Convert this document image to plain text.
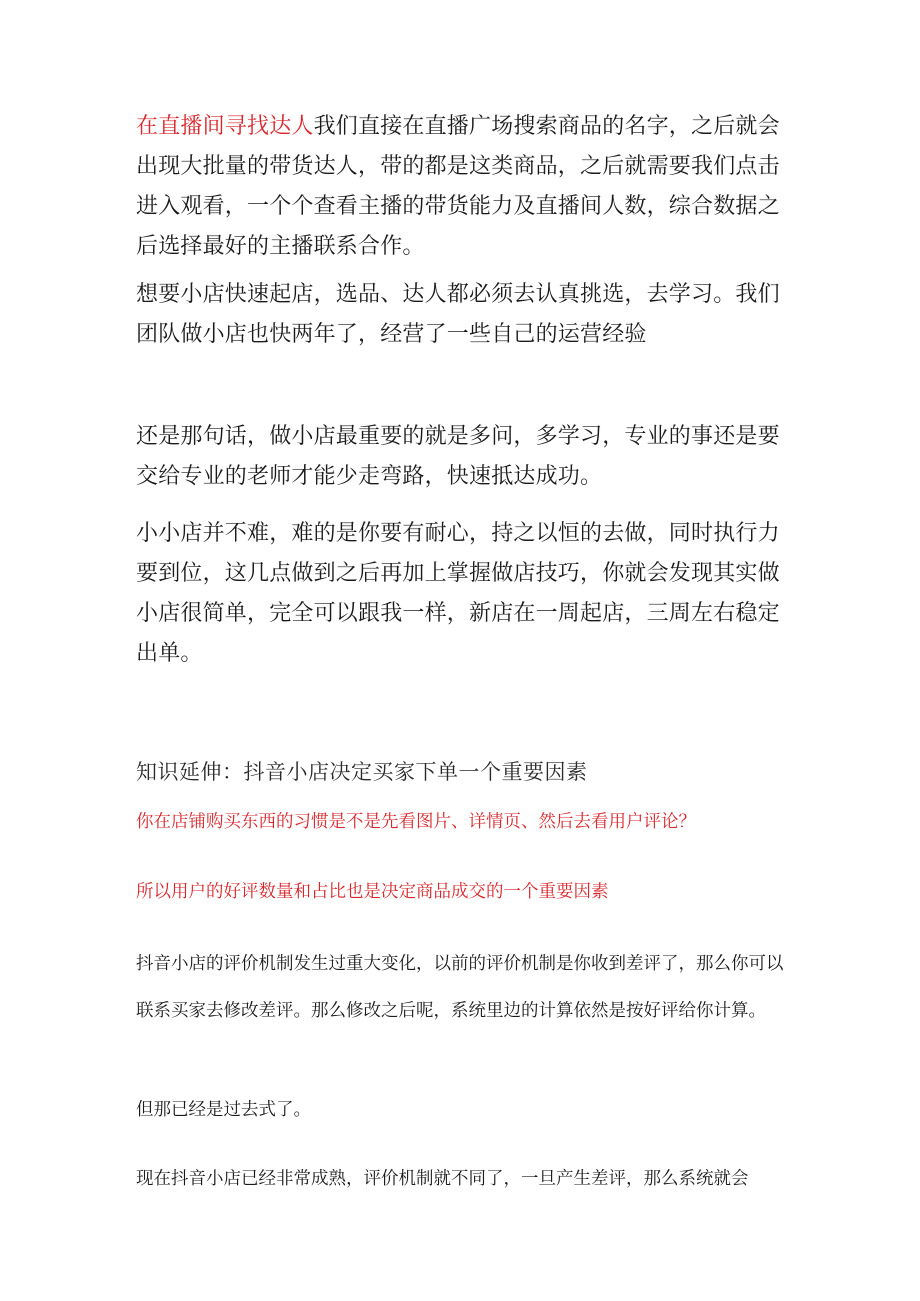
在直播间寻找达人我们直接在直播广场搜索商品的名字，之后就会出现大批量的带货达人，带的都是这类商品，之后就需要我们点击进入观看，一个个查看主播的带货能力及直播间人数，综合数据之后选择最好的主播联系合作。

想要小店快速起店，选品、达人都必须去认真挑选，去学习。我们团队做小店也快两年了，经营了一些自己的运营经验

还是那句话，做小店最重要的就是多问，多学习，专业的事还是要交给专业的老师才能少走弯路，快速抵达成功。

小小店并不难，难的是你要有耐心，持之以恒的去做，同时执行力要到位，这几点做到之后再加上掌握做店技巧，你就会发现其实做小店很简单，完全可以跟我一样，新店在一周起店，三周左右稳定出单。

知识延伸：抖音小店决定买家下单一个重要因素

你在店铺购买东西的习惯是不是先看图片、详情页、然后去看用户评论？

所以用户的好评数量和占比也是决定商品成交的一个重要因素

抖音小店的评价机制发生过重大变化，以前的评价机制是你收到差评了，那么你可以联系买家去修改差评。那么修改之后呢，系统里边的计算依然是按好评给你计算。

但那已经是过去式了。

现在抖音小店已经非常成熟，评价机制就不同了，一旦产生差评，那么系统就会
